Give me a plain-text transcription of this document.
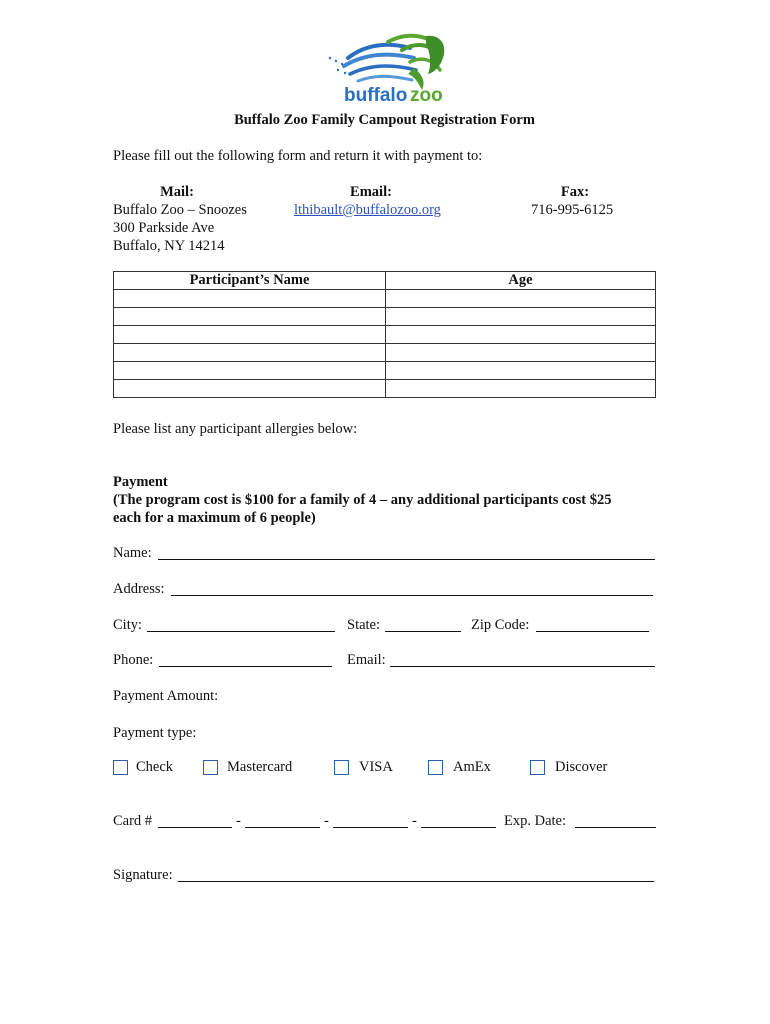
buffalo zoo
Buffalo Zoo Family Campout Registration Form
Please fill out the following form and return it with payment to:
Mail:
Buffalo Zoo – Snoozes
300 Parkside Ave
Buffalo, NY 14214
Email:
lthibault@buffalozoo.org
Fax:
716-995-6125
Participant’s Name	Age

Please list any participant allergies below:
Payment
(The program cost is $100 for a family of 4 – any additional participants cost $25
each for a maximum of 6 people)
Name:
Address:
City:	State:	Zip Code:
Phone:	Email:
Payment Amount:
Payment type:
Check	Mastercard	VISA	AmEx	Discover
Card #	-	-	-	Exp. Date:
Signature:
